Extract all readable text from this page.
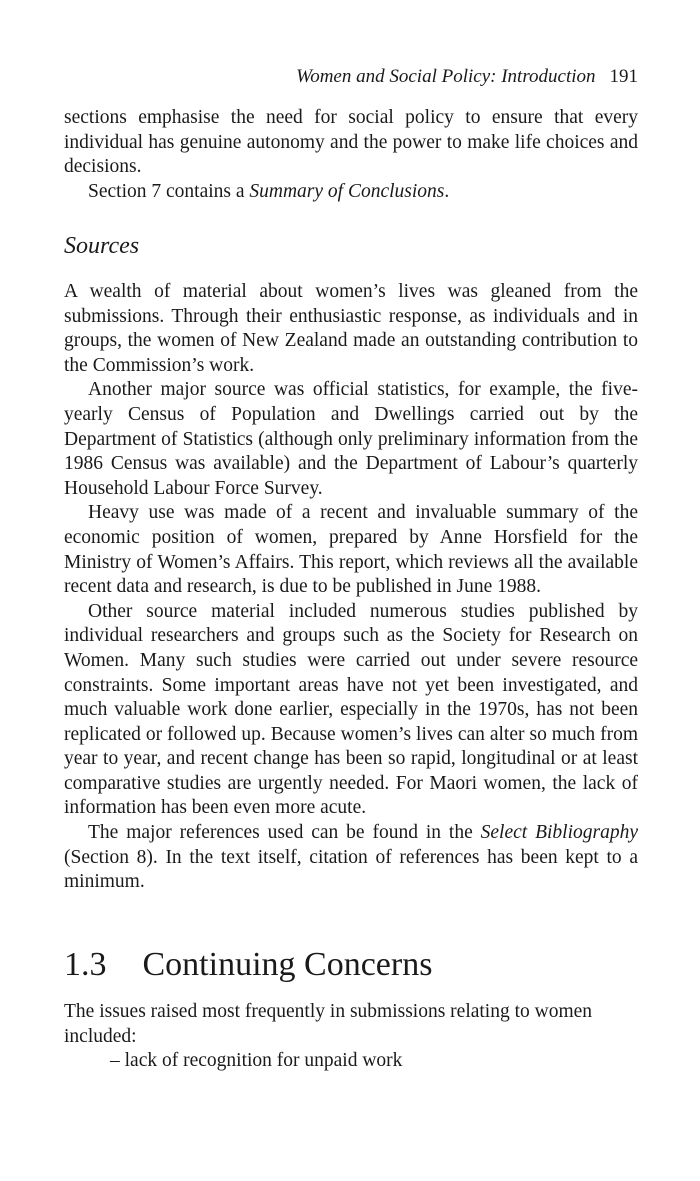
Women and Social Policy: Introduction 191

sections emphasise the need for social policy to ensure that every individual has genuine autonomy and the power to make life choices and decisions.

Section 7 contains a Summary of Conclusions.

Sources

A wealth of material about women’s lives was gleaned from the submissions. Through their enthusiastic response, as individuals and in groups, the women of New Zealand made an outstanding contribution to the Commission’s work.

Another major source was official statistics, for example, the five-yearly Census of Population and Dwellings carried out by the Department of Statistics (although only preliminary information from the 1986 Census was available) and the Department of Labour’s quarterly Household Labour Force Survey.

Heavy use was made of a recent and invaluable summary of the economic position of women, prepared by Anne Horsfield for the Ministry of Women’s Affairs. This report, which reviews all the available recent data and research, is due to be published in June 1988.

Other source material included numerous studies published by individual researchers and groups such as the Society for Research on Women. Many such studies were carried out under severe resource constraints. Some important areas have not yet been investigated, and much valuable work done earlier, especially in the 1970s, has not been replicated or followed up. Because women’s lives can alter so much from year to year, and recent change has been so rapid, longitudinal or at least comparative studies are urgently needed. For Maori women, the lack of information has been even more acute.

The major references used can be found in the Select Bibliography (Section 8). In the text itself, citation of references has been kept to a minimum.

1.3 Continuing Concerns

The issues raised most frequently in submissions relating to women included:

– lack of recognition for unpaid work
